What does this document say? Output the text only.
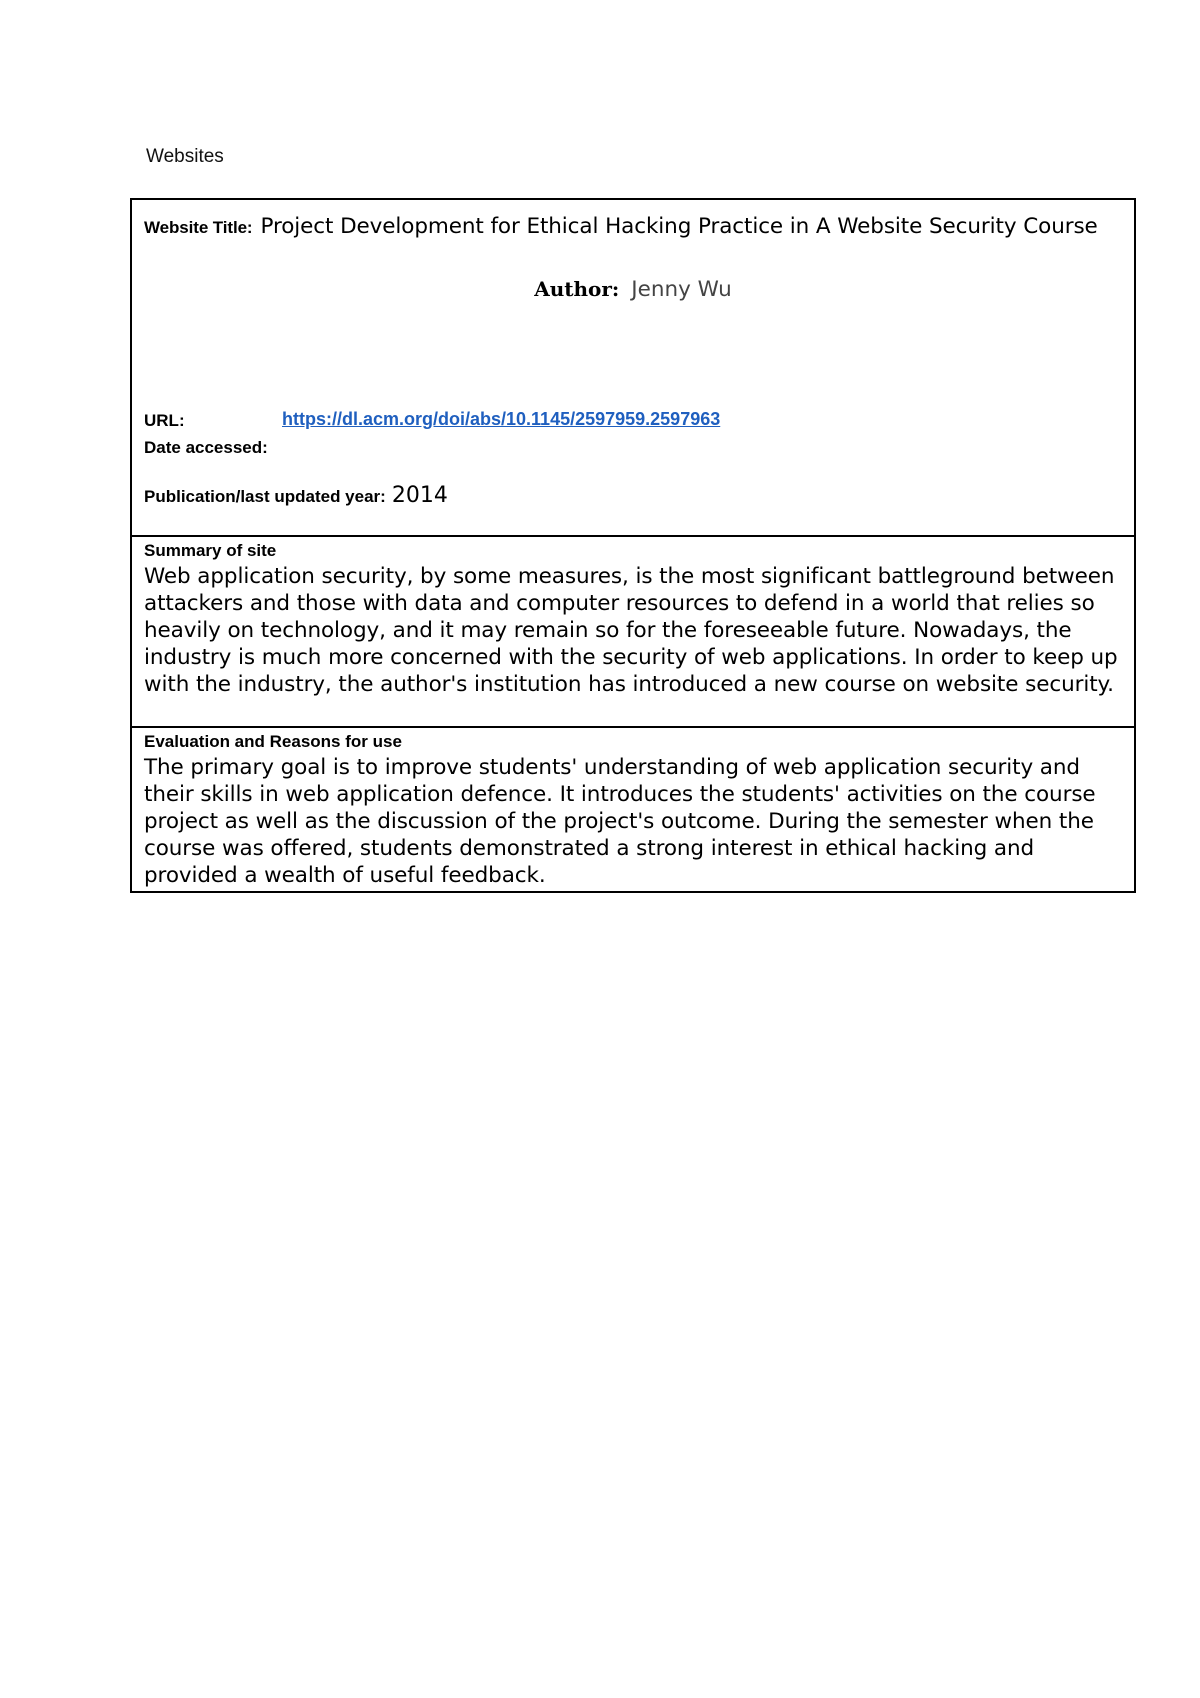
Websites
Website Title: Project Development for Ethical Hacking Practice in A Website Security Course
Author: Jenny Wu
URL:	https://dl.acm.org/doi/abs/10.1145/2597959.2597963
Date accessed:
Publication/last updated year: 2014
Summary of site
Web application security, by some measures, is the most significant battleground between attackers and those with data and computer resources to defend in a world that relies so heavily on technology, and it may remain so for the foreseeable future. Nowadays, the industry is much more concerned with the security of web applications. In order to keep up with the industry, the author's institution has introduced a new course on website security.
Evaluation and Reasons for use
The primary goal is to improve students' understanding of web application security and their skills in web application defence. It introduces the students' activities on the course project as well as the discussion of the project's outcome. During the semester when the course was offered, students demonstrated a strong interest in ethical hacking and provided a wealth of useful feedback.
